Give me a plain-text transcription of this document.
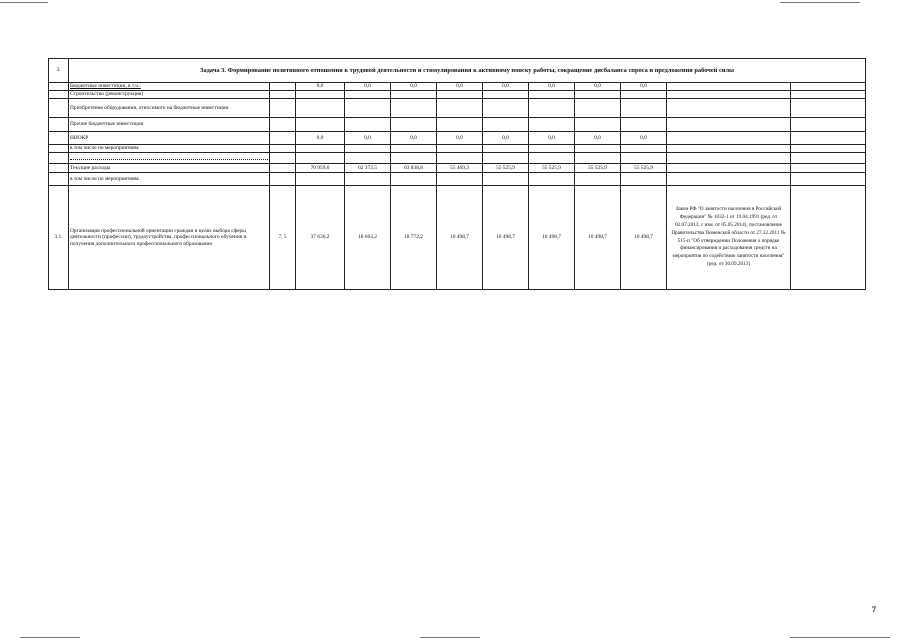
3.	Задача 3. Формирование позитивного отношения к трудовой деятельности и стимулирования к активному поиску работы, сокращение дисбаланса спроса и предложения рабочей силы											
	Бюджетные инвестиции, в т.ч.:		0,0	0,0	0,0	0,0	0,0	0,0	0,0	0,0		
	Строительство (реконструкция)											
	Приобретение оборудования, относимого на бюджетные инвестиции											
	Прочие бюджетные инвестиции											
	НИОКР		0,0	0,0	0,0	0,0	0,0	0,0	0,0	0,0		
	в том числе по мероприятиям:											

	Текущие расходы		70 959,0	62 372,5	63 838,8	55 469,3	55 525,9	55 525,9	55 525,9	55 525,9		
	в том числе по мероприятиям:											
3.1.	Организация профессиональной ориентации граждан в целях выбора сферы деятельности (профессии), трудоустройства, профессионального обучения и получения дополнительного профессионального образования	7, 5	37 636,2	18 663,2	18 772,2	10 498,7	10 498,7	10 498,7	10 498,7	10 498,7	Закон РФ "О занятости населения в Российской Федерации" № 1032-1 от 19.04.1991 (ред. от 02.07.2013, с изм. от 05.05.2014), постановление Правительства Тюменской области от 27.12.2011 № 515-п "Об утверждении Положения о порядке финансирования и расходования средств на мероприятия по содействию занятости населения" (ред. от 30.09.2013)	
7
